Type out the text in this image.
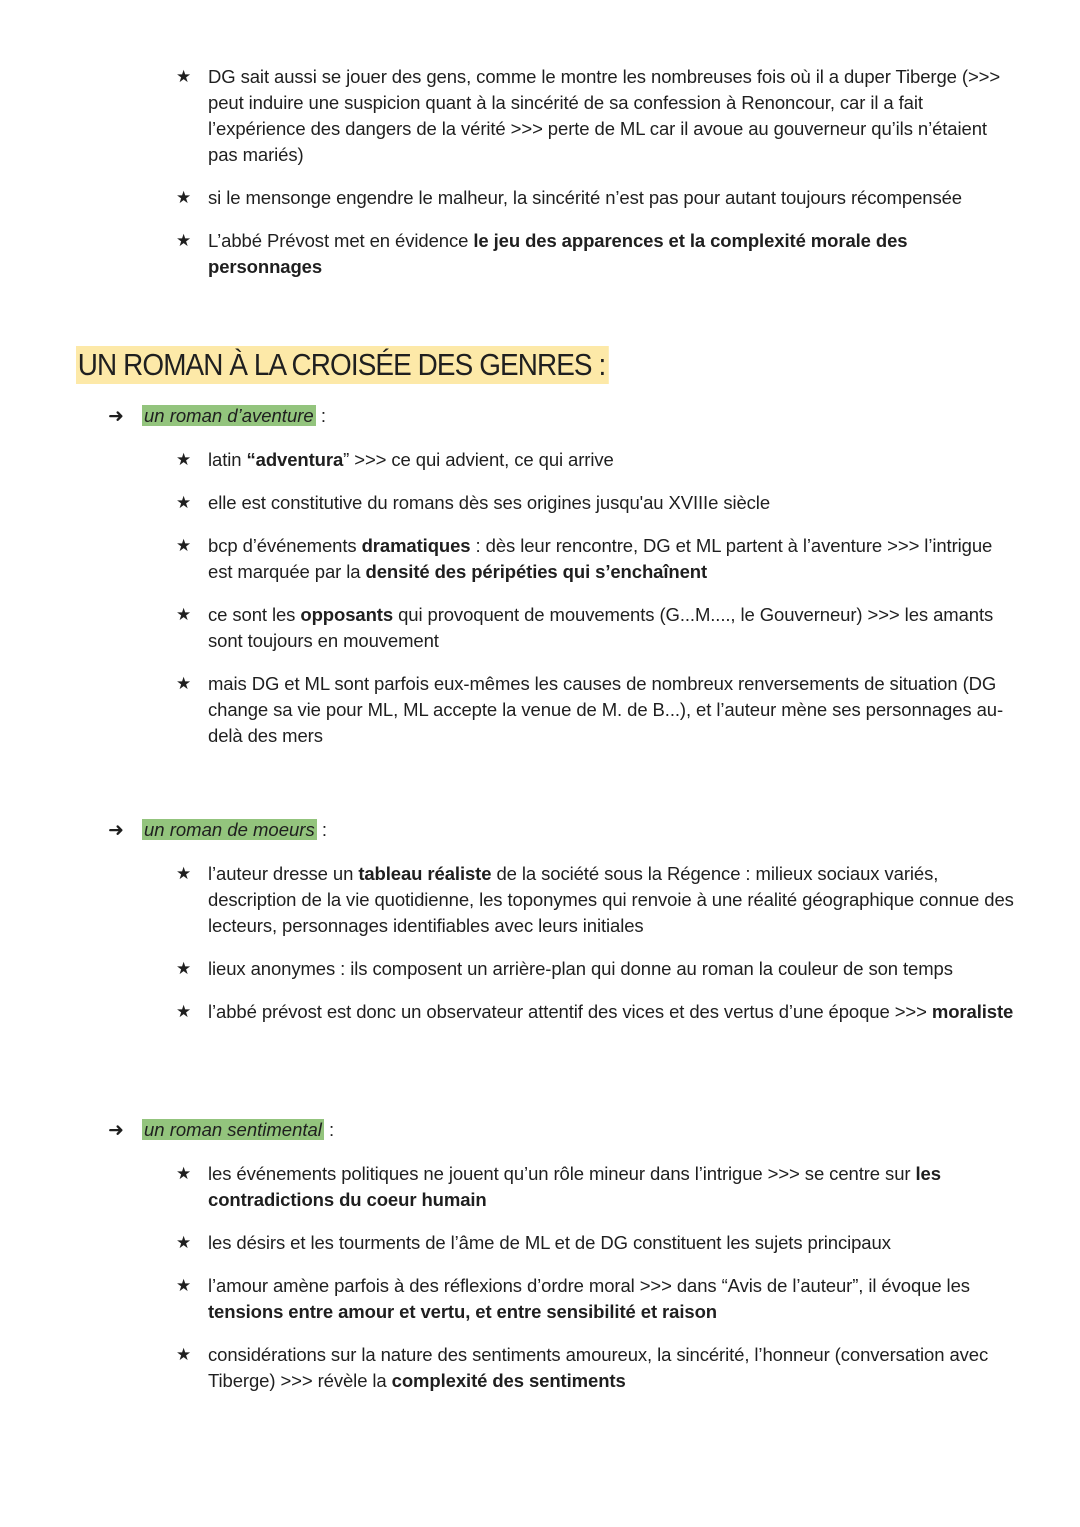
★ DG sait aussi se jouer des gens, comme le montre les nombreuses fois où il a duper Tiberge (>>> peut induire une suspicion quant à la sincérité de sa confession à Renoncour, car il a fait l’expérience des dangers de la vérité >>> perte de ML car il avoue au gouverneur qu’ils n’étaient pas mariés)
★ si le mensonge engendre le malheur, la sincérité n’est pas pour autant toujours récompensée
★ L’abbé Prévost met en évidence le jeu des apparences et la complexité morale des personnages
UN ROMAN À LA CROISÉE DES GENRES :
➜ un roman d’aventure :
★ latin “adventura” >>> ce qui advient, ce qui arrive
★ elle est constitutive du romans dès ses origines jusqu'au XVIIIe siècle
★ bcp d’événements dramatiques : dès leur rencontre, DG et ML partent à l’aventure >>> l’intrigue est marquée par la densité des péripéties qui s’enchaînent
★ ce sont les opposants qui provoquent de mouvements (G...M...., le Gouverneur) >>> les amants sont toujours en mouvement
★ mais DG et ML sont parfois eux-mêmes les causes de nombreux renversements de situation (DG change sa vie pour ML, ML accepte la venue de M. de B...), et l’auteur mène ses personnages au-delà des mers
➜ un roman de moeurs :
★ l’auteur dresse un tableau réaliste de la société sous la Régence : milieux sociaux variés, description de la vie quotidienne, les toponymes qui renvoie à une réalité géographique connue des lecteurs, personnages identifiables avec leurs initiales
★ lieux anonymes : ils composent un arrière-plan qui donne au roman la couleur de son temps
★ l’abbé prévost est donc un observateur attentif des vices et des vertus d’une époque >>> moraliste
➜ un roman sentimental :
★ les événements politiques ne jouent qu’un rôle mineur dans l’intrigue >>> se centre sur les contradictions du coeur humain
★ les désirs et les tourments de l’âme de ML et de DG constituent les sujets principaux
★ l’amour amène parfois à des réflexions d’ordre moral >>> dans “Avis de l’auteur”, il évoque les tensions entre amour et vertu, et entre sensibilité et raison
★ considérations sur la nature des sentiments amoureux, la sincérité, l’honneur (conversation avec Tiberge) >>> révèle la complexité des sentiments
